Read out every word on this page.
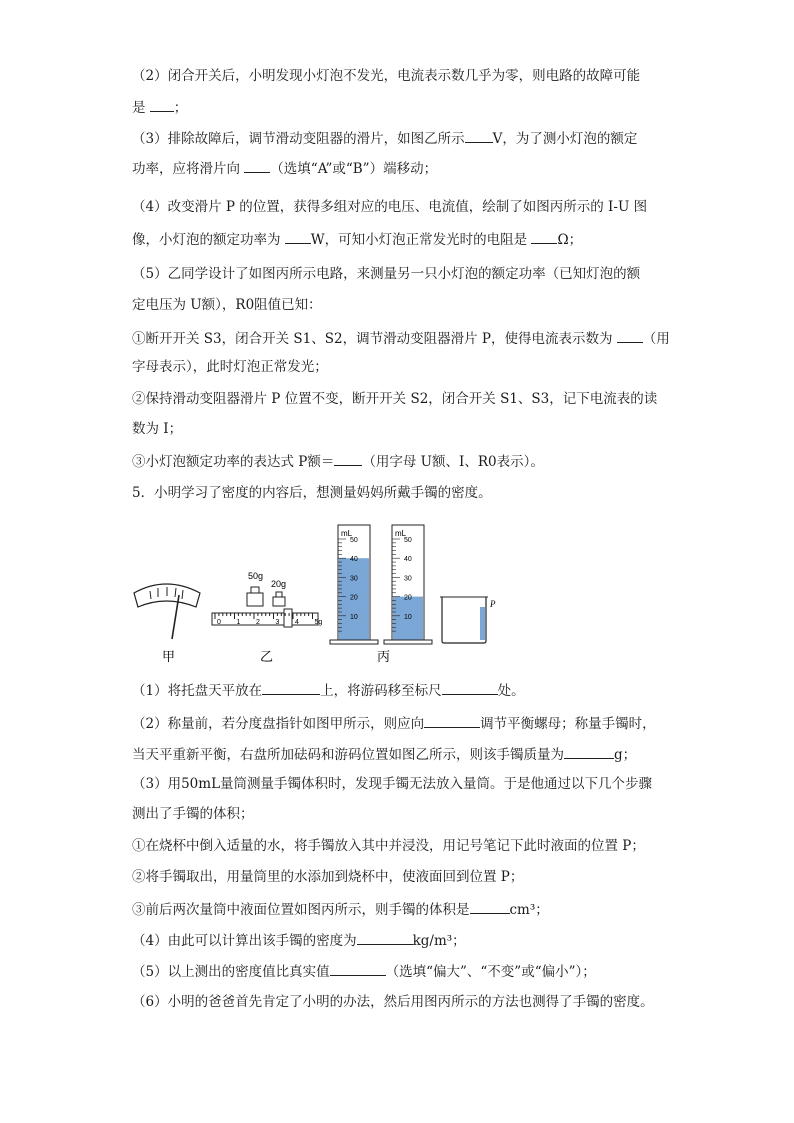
（2）闭合开关后，小明发现小灯泡不发光，电流表示数几乎为零，则电路的故障可能
是 ；
（3）排除故障后，调节滑动变阻器的滑片，如图乙所示 V，为了测小灯泡的额定
功率，应将滑片向 （选填“A”或“B”）端移动；
（4）改变滑片 P 的位置，获得多组对应的电压、电流值，绘制了如图丙所示的 I-U 图
像，小灯泡的额定功率为 W，可知小灯泡正常发光时的电阻是 Ω；
（5）乙同学设计了如图丙所示电路，来测量另一只小灯泡的额定功率（已知灯泡的额
定电压为 U额），R0阻值已知：
①断开开关 S3，闭合开关 S1、S2，调节滑动变阻器滑片 P，使得电流表示数为 （用
字母表示），此时灯泡正常发光；
②保持滑动变阻器滑片 P 位置不变，断开开关 S2，闭合开关 S1、S3，记下电流表的读
数为 I；
③小灯泡额定功率的表达式 P额＝ （用字母 U额、I、R0表示）。
5．小明学习了密度的内容后，想测量妈妈所戴手镯的密度。
50g
20g
0 1 2 3 4 5g
mL
50
40
30
20
10
mL
50
40
30
20
10
P
甲	乙	丙
（1）将托盘天平放在	上，将游码移至标尺	处。
（2）称量前，若分度盘指针如图甲所示，则应向	调节平衡螺母；称量手镯时，
当天平重新平衡，右盘所加砝码和游码位置如图乙所示，则该手镯质量为	g；
（3）用50mL量筒测量手镯体积时，发现手镯无法放入量筒。于是他通过以下几个步骤
测出了手镯的体积；
①在烧杯中倒入适量的水，将手镯放入其中并浸没，用记号笔记下此时液面的位置 P；
②将手镯取出，用量筒里的水添加到烧杯中，使液面回到位置 P；
③前后两次量筒中液面位置如图丙所示，则手镯的体积是	cm³；
（4）由此可以计算出该手镯的密度为	kg/m³；
（5）以上测出的密度值比真实值	（选填“偏大”、“不变”或“偏小”）；
（6）小明的爸爸首先肯定了小明的办法，然后用图丙所示的方法也测得了手镯的密度。
